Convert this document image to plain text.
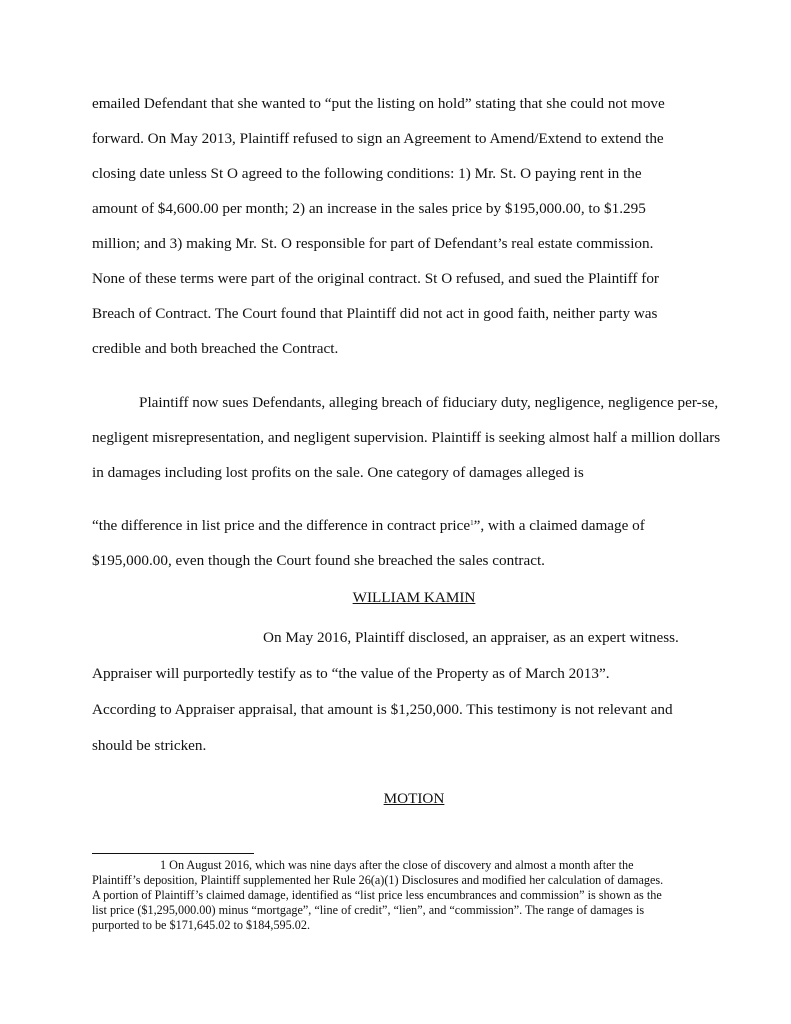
emailed Defendant that she wanted to “put the listing on hold” stating that she could not move
forward. On May 2013, Plaintiff refused to sign an Agreement to Amend/Extend to extend the
closing date unless St O agreed to the following conditions: 1) Mr. St. O paying rent in the
amount of $4,600.00 per month; 2) an increase in the sales price by $195,000.00, to $1.295
million; and 3) making Mr. St. O responsible for part of Defendant’s real estate commission.
None of these terms were part of the original contract. St O refused, and sued the Plaintiff for
Breach of Contract. The Court found that Plaintiff did not act in good faith, neither party was
credible and both breached the Contract.
Plaintiff now sues Defendants, alleging breach of fiduciary duty, negligence, negligence per-se,
negligent misrepresentation, and negligent supervision. Plaintiff is seeking almost half a million dollars
in damages including lost profits on the sale. One category of damages alleged is
“the difference in list price and the difference in contract price$^1$”, with a claimed damage of
$195,000.00, even though the Court found she breached the sales contract.
WILLIAM KAMIN
On May 2016, Plaintiff disclosed, an appraiser, as an expert witness.
Appraiser will purportedly testify as to “the value of the Property as of March 2013”.
According to Appraiser appraisal, that amount is $1,250,000. This testimony is not relevant and
should be stricken.
MOTION
1 On August 2016, which was nine days after the close of discovery and almost a month after the
Plaintiff’s deposition, Plaintiff supplemented her Rule 26(a)(1) Disclosures and modified her calculation of damages.
A portion of Plaintiff’s claimed damage, identified as “list price less encumbrances and commission” is shown as the
list price ($1,295,000.00) minus “mortgage”, “line of credit”, “lien”, and “commission”. The range of damages is
purported to be $171,645.02 to $184,595.02.
